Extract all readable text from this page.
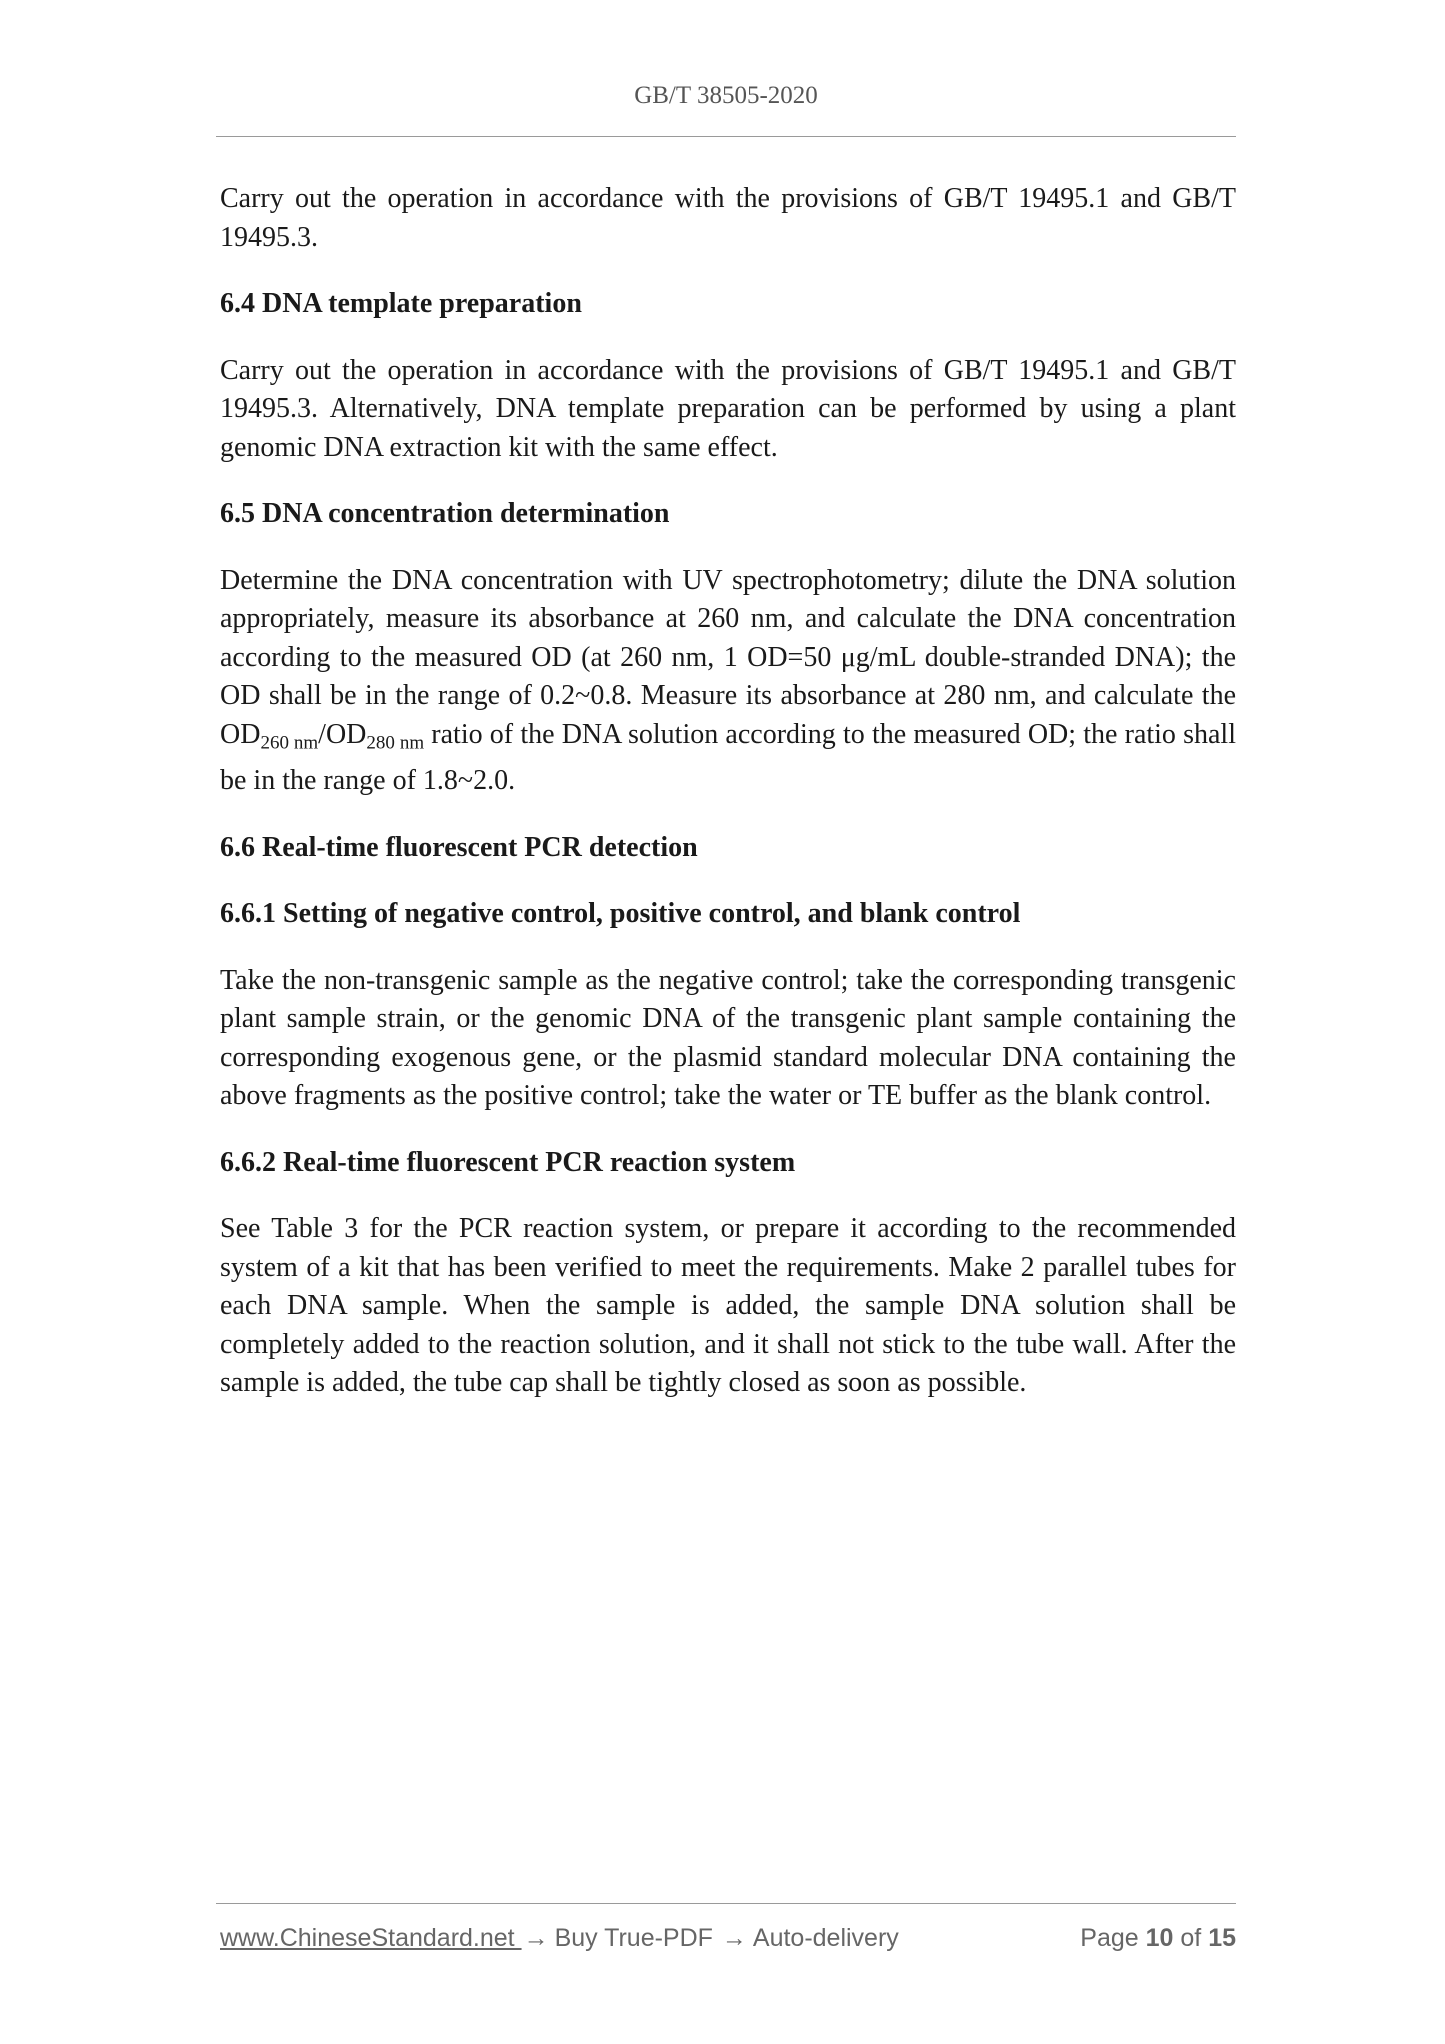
GB/T 38505-2020

Carry out the operation in accordance with the provisions of GB/T 19495.1 and GB/T 19495.3.

6.4 DNA template preparation

Carry out the operation in accordance with the provisions of GB/T 19495.1 and GB/T 19495.3. Alternatively, DNA template preparation can be performed by using a plant genomic DNA extraction kit with the same effect.

6.5 DNA concentration determination

Determine the DNA concentration with UV spectrophotometry; dilute the DNA solution appropriately, measure its absorbance at 260 nm, and calculate the DNA concentration according to the measured OD (at 260 nm, 1 OD=50 μg/mL double-stranded DNA); the OD shall be in the range of 0.2~0.8. Measure its absorbance at 280 nm, and calculate the $OD_{260 nm}/OD_{280 nm}$ ratio of the DNA solution according to the measured OD; the ratio shall be in the range of 1.8~2.0.

6.6 Real-time fluorescent PCR detection

6.6.1 Setting of negative control, positive control, and blank control

Take the non-transgenic sample as the negative control; take the corresponding transgenic plant sample strain, or the genomic DNA of the transgenic plant sample containing the corresponding exogenous gene, or the plasmid standard molecular DNA containing the above fragments as the positive control; take the water or TE buffer as the blank control.

6.6.2 Real-time fluorescent PCR reaction system

See Table 3 for the PCR reaction system, or prepare it according to the recommended system of a kit that has been verified to meet the requirements. Make 2 parallel tubes for each DNA sample. When the sample is added, the sample DNA solution shall be completely added to the reaction solution, and it shall not stick to the tube wall. After the sample is added, the tube cap shall be tightly closed as soon as possible.

www.ChineseStandard.net → Buy True-PDF → Auto-delivery	Page 10 of 15
